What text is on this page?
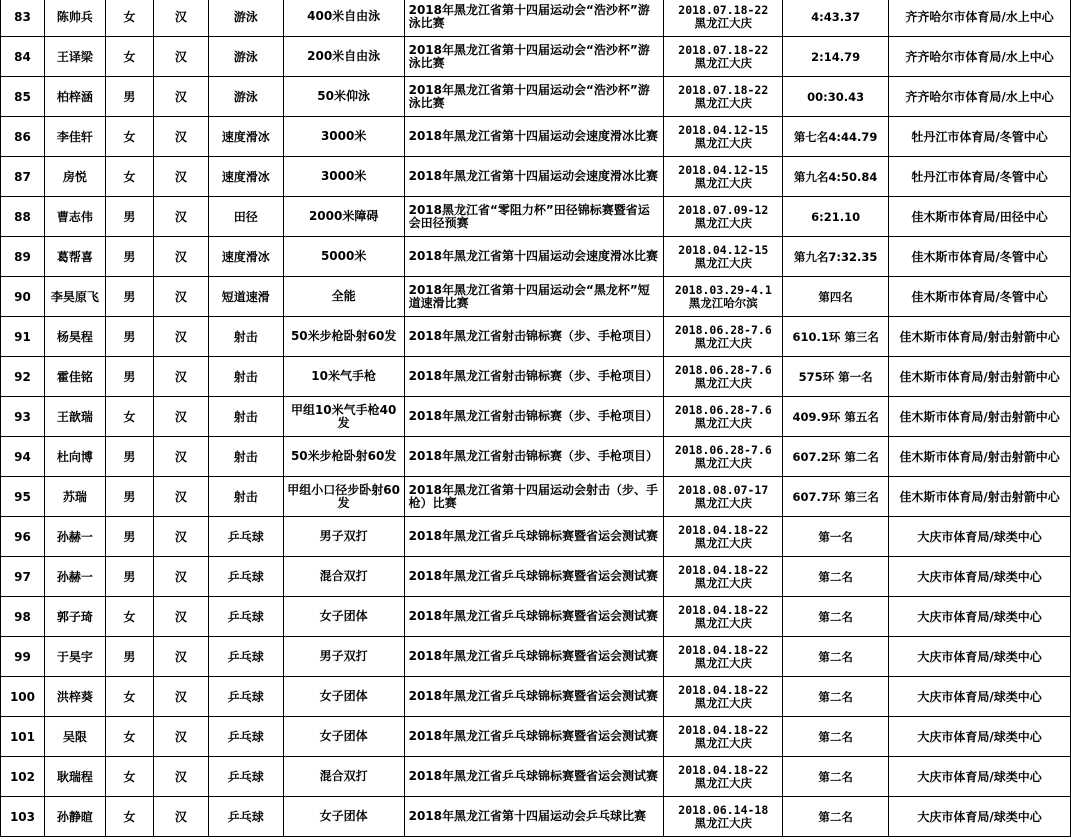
83	陈帅兵	女	汉	游泳	400米自由泳	2018年黑龙江省第十四届运动会“浩沙杯”游泳比赛	2018.07.18-22
黑龙江大庆	4:43.37	齐齐哈尔市体育局/水上中心
84	王译梁	女	汉	游泳	200米自由泳	2018年黑龙江省第十四届运动会“浩沙杯”游泳比赛	2018.07.18-22
黑龙江大庆	2:14.79	齐齐哈尔市体育局/水上中心
85	柏梓涵	男	汉	游泳	50米仰泳	2018年黑龙江省第十四届运动会“浩沙杯”游泳比赛	2018.07.18-22
黑龙江大庆	00:30.43	齐齐哈尔市体育局/水上中心
86	李佳轩	女	汉	速度滑冰	3000米	2018年黑龙江省第十四届运动会速度滑冰比赛	2018.04.12-15
黑龙江大庆	第七名4:44.79	牡丹江市体育局/冬管中心
87	房悦	女	汉	速度滑冰	3000米	2018年黑龙江省第十四届运动会速度滑冰比赛	2018.04.12-15
黑龙江大庆	第九名4:50.84	牡丹江市体育局/冬管中心
88	曹志伟	男	汉	田径	2000米障碍	2018黑龙江省“零阻力杯”田径锦标赛暨省运会田径预赛	2018.07.09-12
黑龙江大庆	6:21.10	佳木斯市体育局/田径中心
89	葛帮喜	男	汉	速度滑冰	5000米	2018年黑龙江省第十四届运动会速度滑冰比赛	2018.04.12-15
黑龙江大庆	第九名7:32.35	佳木斯市体育局/冬管中心
90	李昊原飞	男	汉	短道速滑	全能	2018年黑龙江省第十四届运动会“黑龙杯”短道速滑比赛	2018.03.29-4.1
黑龙江哈尔滨	第四名	佳木斯市体育局/冬管中心
91	杨昊程	男	汉	射击	50米步枪卧射60发	2018年黑龙江省射击锦标赛（步、手枪项目）	2018.06.28-7.6
黑龙江大庆	610.1环 第三名	佳木斯市体育局/射击射箭中心
92	霍佳铭	男	汉	射击	10米气手枪	2018年黑龙江省射击锦标赛（步、手枪项目）	2018.06.28-7.6
黑龙江大庆	575环 第一名	佳木斯市体育局/射击射箭中心
93	王歆瑞	女	汉	射击	甲组10米气手枪40发	2018年黑龙江省射击锦标赛（步、手枪项目）	2018.06.28-7.6
黑龙江大庆	409.9环 第五名	佳木斯市体育局/射击射箭中心
94	杜向博	男	汉	射击	50米步枪卧射60发	2018年黑龙江省射击锦标赛（步、手枪项目）	2018.06.28-7.6
黑龙江大庆	607.2环 第二名	佳木斯市体育局/射击射箭中心
95	苏瑞	男	汉	射击	甲组小口径步卧射60发	2018年黑龙江省第十四届运动会射击（步、手枪）比赛	2018.08.07-17
黑龙江大庆	607.7环 第三名	佳木斯市体育局/射击射箭中心
96	孙赫一	男	汉	乒乓球	男子双打	2018年黑龙江省乒乓球锦标赛暨省运会测试赛	2018.04.18-22
黑龙江大庆	第一名	大庆市体育局/球类中心
97	孙赫一	男	汉	乒乓球	混合双打	2018年黑龙江省乒乓球锦标赛暨省运会测试赛	2018.04.18-22
黑龙江大庆	第二名	大庆市体育局/球类中心
98	郭子琦	女	汉	乒乓球	女子团体	2018年黑龙江省乒乓球锦标赛暨省运会测试赛	2018.04.18-22
黑龙江大庆	第二名	大庆市体育局/球类中心
99	于昊宇	男	汉	乒乓球	男子双打	2018年黑龙江省乒乓球锦标赛暨省运会测试赛	2018.04.18-22
黑龙江大庆	第二名	大庆市体育局/球类中心
100	洪梓葵	女	汉	乒乓球	女子团体	2018年黑龙江省乒乓球锦标赛暨省运会测试赛	2018.04.18-22
黑龙江大庆	第二名	大庆市体育局/球类中心
101	吴限	女	汉	乒乓球	女子团体	2018年黑龙江省乒乓球锦标赛暨省运会测试赛	2018.04.18-22
黑龙江大庆	第二名	大庆市体育局/球类中心
102	耿瑞程	女	汉	乒乓球	混合双打	2018年黑龙江省乒乓球锦标赛暨省运会测试赛	2018.04.18-22
黑龙江大庆	第二名	大庆市体育局/球类中心
103	孙静暄	女	汉	乒乓球	女子团体	2018年黑龙江省第十四届运动会乒乓球比赛	2018.06.14-18
黑龙江大庆	第二名	大庆市体育局/球类中心
